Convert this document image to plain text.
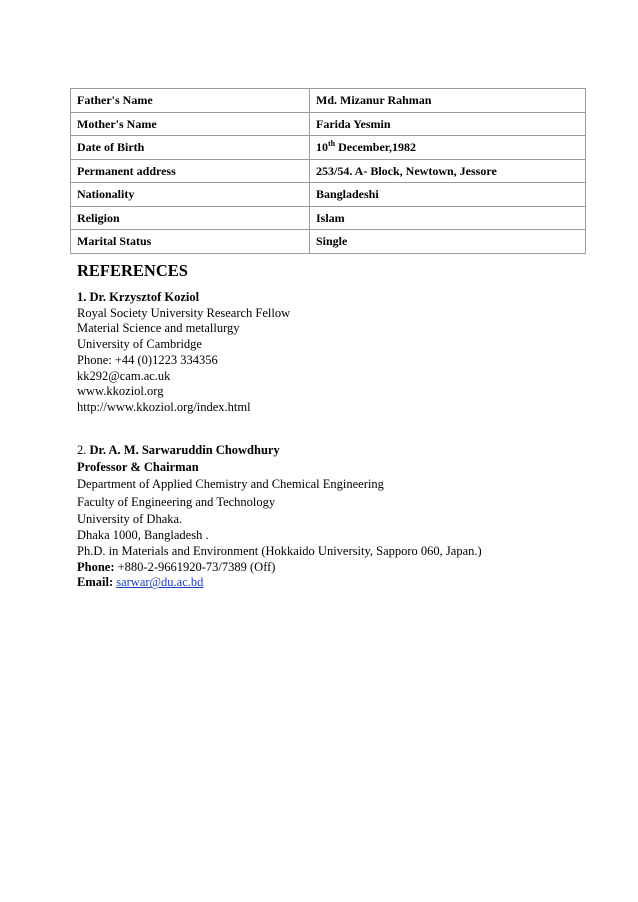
Father's Name	Md. Mizanur Rahman
Mother's Name	Farida Yesmin
Date of Birth	10th December,1982
Permanent address	253/54. A- Block, Newtown, Jessore
Nationality	Bangladeshi
Religion	Islam
Marital Status	Single
REFERENCES
1. Dr. Krzysztof Koziol
Royal Society University Research Fellow
Material Science and metallurgy
University of Cambridge
Phone: +44 (0)1223 334356
kk292@cam.ac.uk
www.kkoziol.org
http://www.kkoziol.org/index.html
2. Dr. A. M. Sarwaruddin Chowdhury
Professor & Chairman
Department of Applied Chemistry and Chemical Engineering
Faculty of Engineering and Technology
University of Dhaka.
Dhaka 1000, Bangladesh .
Ph.D. in Materials and Environment (Hokkaido University, Sapporo 060, Japan.)
Phone: +880-2-9661920-73/7389 (Off)
Email: sarwar@du.ac.bd
